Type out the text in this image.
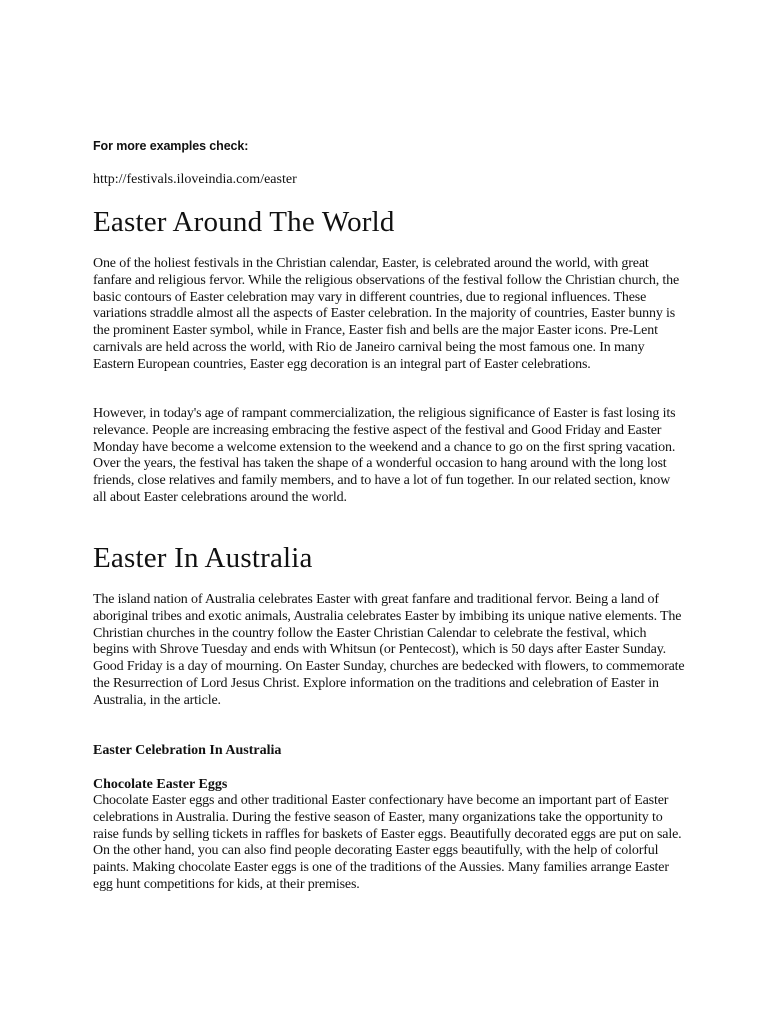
For more examples check:

http://festivals.iloveindia.com/easter

Easter Around The World

One of the holiest festivals in the Christian calendar, Easter, is celebrated around the world, with great fanfare and religious fervor. While the religious observations of the festival follow the Christian church, the basic contours of Easter celebration may vary in different countries, due to regional influences. These variations straddle almost all the aspects of Easter celebration. In the majority of countries, Easter bunny is the prominent Easter symbol, while in France, Easter fish and bells are the major Easter icons. Pre-Lent carnivals are held across the world, with Rio de Janeiro carnival being the most famous one. In many Eastern European countries, Easter egg decoration is an integral part of Easter celebrations.

However, in today's age of rampant commercialization, the religious significance of Easter is fast losing its relevance. People are increasing embracing the festive aspect of the festival and Good Friday and Easter Monday have become a welcome extension to the weekend and a chance to go on the first spring vacation. Over the years, the festival has taken the shape of a wonderful occasion to hang around with the long lost friends, close relatives and family members, and to have a lot of fun together. In our related section, know all about Easter celebrations around the world.

Easter In Australia

The island nation of Australia celebrates Easter with great fanfare and traditional fervor. Being a land of aboriginal tribes and exotic animals, Australia celebrates Easter by imbibing its unique native elements. The Christian churches in the country follow the Easter Christian Calendar to celebrate the festival, which begins with Shrove Tuesday and ends with Whitsun (or Pentecost), which is 50 days after Easter Sunday. Good Friday is a day of mourning. On Easter Sunday, churches are bedecked with flowers, to commemorate the Resurrection of Lord Jesus Christ. Explore information on the traditions and celebration of Easter in Australia, in the article.

Easter Celebration In Australia
Chocolate Easter Eggs

Chocolate Easter eggs and other traditional Easter confectionary have become an important part of Easter celebrations in Australia. During the festive season of Easter, many organizations take the opportunity to raise funds by selling tickets in raffles for baskets of Easter eggs. Beautifully decorated eggs are put on sale. On the other hand, you can also find people decorating Easter eggs beautifully, with the help of colorful paints. Making chocolate Easter eggs is one of the traditions of the Aussies. Many families arrange Easter egg hunt competitions for kids, at their premises.
